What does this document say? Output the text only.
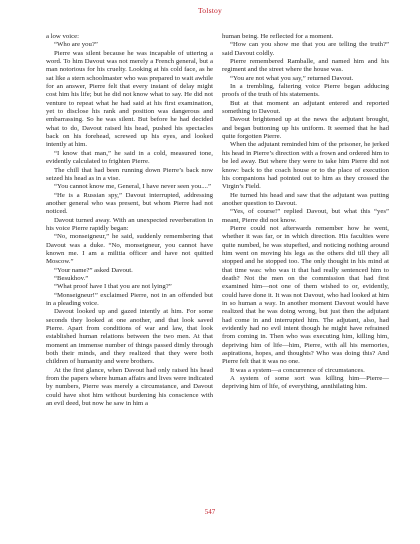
Tolstoy

a low voice:

“Who are you?”

Pierre was silent because he was incapable of uttering a word. To him Davout was not merely a French general, but a man notorious for his cruelty. Looking at his cold face, as he sat like a stern schoolmaster who was prepared to wait awhile for an answer, Pierre felt that every instant of delay might cost him his life; but he did not know what to say. He did not venture to repeat what he had said at his first examination, yet to disclose his rank and position was dangerous and embarrassing. So he was silent. But before he had decided what to do, Davout raised his head, pushed his spectacles back on his forehead, screwed up his eyes, and looked intently at him.

“I know that man,” he said in a cold, measured tone, evidently calculated to frighten Pierre.

The chill that had been running down Pierre’s back now seized his head as in a vise.

“You cannot know me, General, I have never seen you....”

“He is a Russian spy,” Davout interrupted, addressing another general who was present, but whom Pierre had not noticed.

Davout turned away. With an unexpected reverberation in his voice Pierre rapidly began:

“No, monseigneur,” he said, suddenly remembering that Davout was a duke. “No, monseigneur, you cannot have known me. I am a militia officer and have not quitted Moscow.”

“Your name?” asked Davout.

“Besukhov.”

“What proof have I that you are not lying?”

“Monseigneur!” exclaimed Pierre, not in an offended but in a pleading voice.

Davout looked up and gazed intently at him. For some seconds they looked at one another, and that look saved Pierre. Apart from conditions of war and law, that look established human relations between the two men. At that moment an immense number of things passed dimly through both their minds, and they realized that they were both children of humanity and were brothers.

At the first glance, when Davout had only raised his head from the papers where human affairs and lives were indicated by numbers, Pierre was merely a circumstance, and Davout could have shot him without burdening his conscience with an evil deed, but now he saw in him a

human being. He reflected for a moment.

“How can you show me that you are telling the truth?” said Davout coldly.

Pierre remembered Ramballe, and named him and his regiment and the street where the house was.

“You are not what you say,” returned Davout.

In a trembling, faltering voice Pierre began adducing proofs of the truth of his statements.

But at that moment an adjutant entered and reported something to Davout.

Davout brightened up at the news the adjutant brought, and began buttoning up his uniform. It seemed that he had quite forgotten Pierre.

When the adjutant reminded him of the prisoner, he jerked his head in Pierre’s direction with a frown and ordered him to be led away. But where they were to take him Pierre did not know: back to the coach house or to the place of execution his companions had pointed out to him as they crossed the Virgin’s Field.

He turned his head and saw that the adjutant was putting another question to Davout.

“Yes, of course!” replied Davout, but what this “yes” meant, Pierre did not know.

Pierre could not afterwards remember how he went, whether it was far, or in which direction. His faculties were quite numbed, he was stupefied, and noticing nothing around him went on moving his legs as the others did till they all stopped and he stopped too. The only thought in his mind at that time was: who was it that had really sentenced him to death? Not the men on the commission that had first examined him—not one of them wished to or, evidently, could have done it. It was not Davout, who had looked at him in so human a way. In another moment Davout would have realized that he was doing wrong, but just then the adjutant had come in and interrupted him. The adjutant, also, had evidently had no evil intent though he might have refrained from coming in. Then who was executing him, killing him, depriving him of life—him, Pierre, with all his memories, aspirations, hopes, and thoughts? Who was doing this? And Pierre felt that it was no one.

It was a system—a concurrence of circumstances.

A system of some sort was killing him—Pierre—depriving him of life, of everything, annihilating him.

547
